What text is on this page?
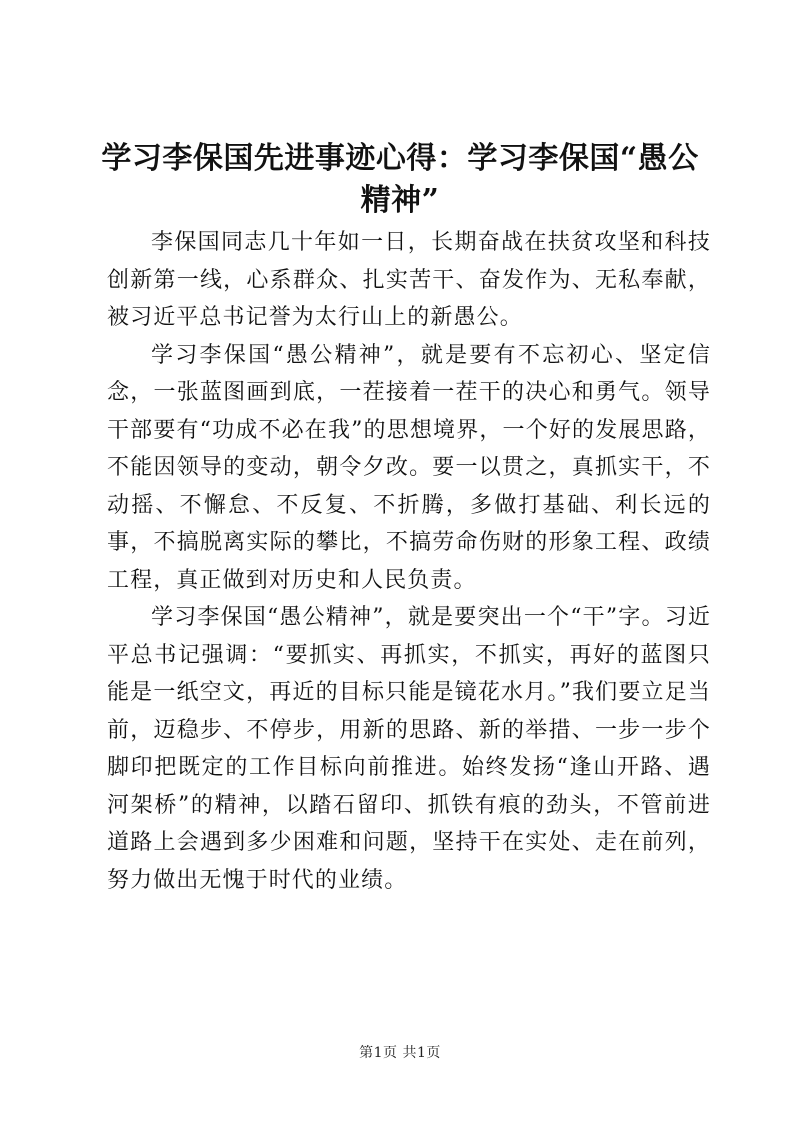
学习李保国先进事迹心得：学习李保国“愚公精神”

李保国同志几十年如一日，长期奋战在扶贫攻坚和科技创新第一线，心系群众、扎实苦干、奋发作为、无私奉献，被习近平总书记誉为太行山上的新愚公。

学习李保国“愚公精神”，就是要有不忘初心、坚定信念，一张蓝图画到底，一茬接着一茬干的决心和勇气。领导干部要有“功成不必在我”的思想境界，一个好的发展思路，不能因领导的变动，朝令夕改。要一以贯之，真抓实干，不动摇、不懈怠、不反复、不折腾，多做打基础、利长远的事，不搞脱离实际的攀比，不搞劳命伤财的形象工程、政绩工程，真正做到对历史和人民负责。

学习李保国“愚公精神”，就是要突出一个“干”字。习近平总书记强调：“要抓实、再抓实，不抓实，再好的蓝图只能是一纸空文，再近的目标只能是镜花水月。”我们要立足当前，迈稳步、不停步，用新的思路、新的举措、一步一步个脚印把既定的工作目标向前推进。始终发扬“逢山开路、遇河架桥”的精神，以踏石留印、抓铁有痕的劲头，不管前进道路上会遇到多少困难和问题，坚持干在实处、走在前列，努力做出无愧于时代的业绩。

第1页 共1页
